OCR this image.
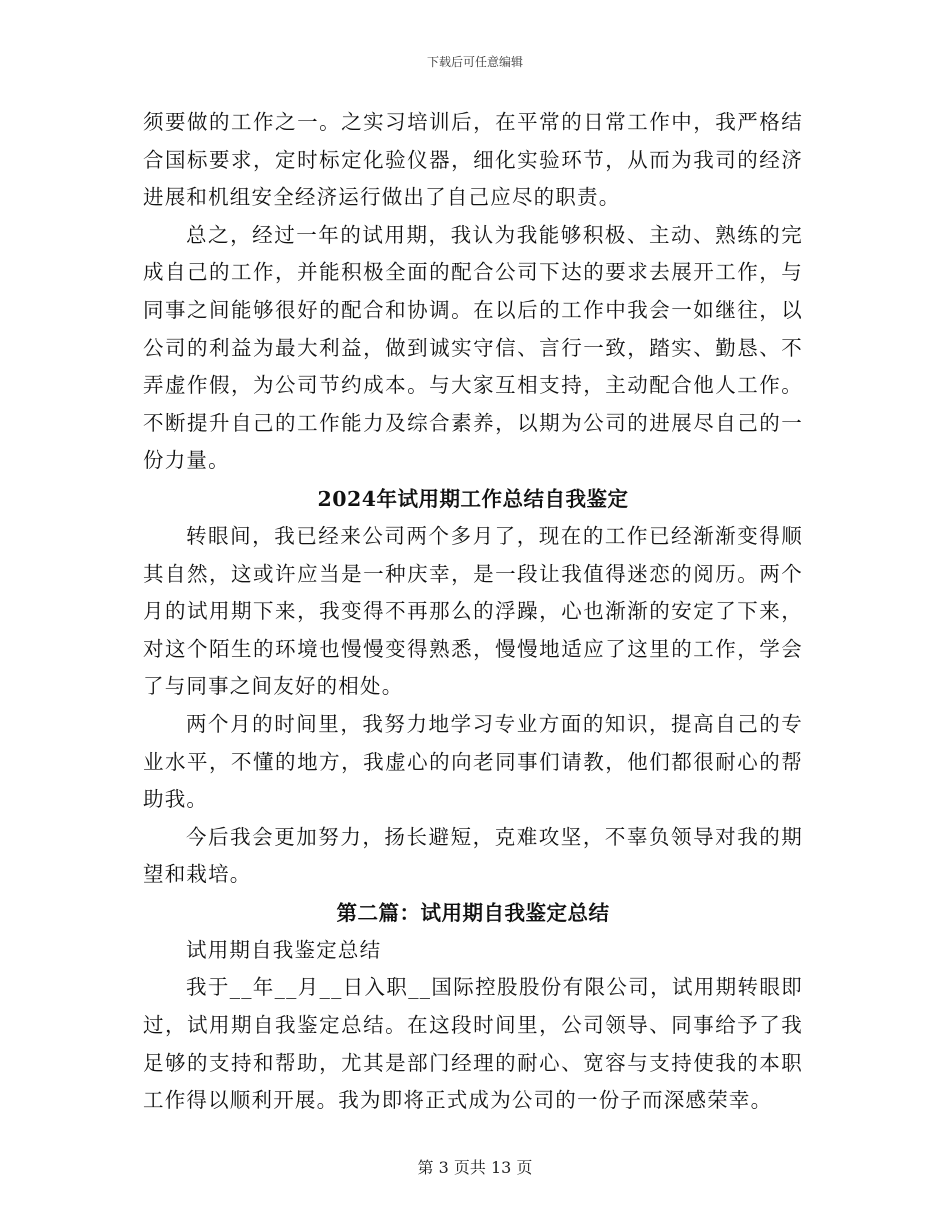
下载后可任意编辑

须要做的工作之一。之实习培训后，在平常的日常工作中，我严格结合国标要求，定时标定化验仪器，细化实验环节，从而为我司的经济进展和机组安全经济运行做出了自己应尽的职责。

总之，经过一年的试用期，我认为我能够积极、主动、熟练的完成自己的工作，并能积极全面的配合公司下达的要求去展开工作，与同事之间能够很好的配合和协调。在以后的工作中我会一如继往，以公司的利益为最大利益，做到诚实守信、言行一致，踏实、勤恳、不弄虚作假，为公司节约成本。与大家互相支持，主动配合他人工作。不断提升自己的工作能力及综合素养，以期为公司的进展尽自己的一份力量。

2024年试用期工作总结自我鉴定

转眼间，我已经来公司两个多月了，现在的工作已经渐渐变得顺其自然，这或许应当是一种庆幸，是一段让我值得迷恋的阅历。两个月的试用期下来，我变得不再那么的浮躁，心也渐渐的安定了下来，对这个陌生的环境也慢慢变得熟悉，慢慢地适应了这里的工作，学会了与同事之间友好的相处。

两个月的时间里，我努力地学习专业方面的知识，提高自己的专业水平，不懂的地方，我虚心的向老同事们请教，他们都很耐心的帮助我。

今后我会更加努力，扬长避短，克难攻坚，不辜负领导对我的期望和栽培。

第二篇：试用期自我鉴定总结

试用期自我鉴定总结

我于__年__月__日入职__国际控股股份有限公司，试用期转眼即过，试用期自我鉴定总结。在这段时间里，公司领导、同事给予了我足够的支持和帮助，尤其是部门经理的耐心、宽容与支持使我的本职工作得以顺利开展。我为即将正式成为公司的一份子而深感荣幸。

第 3 页共 13 页
